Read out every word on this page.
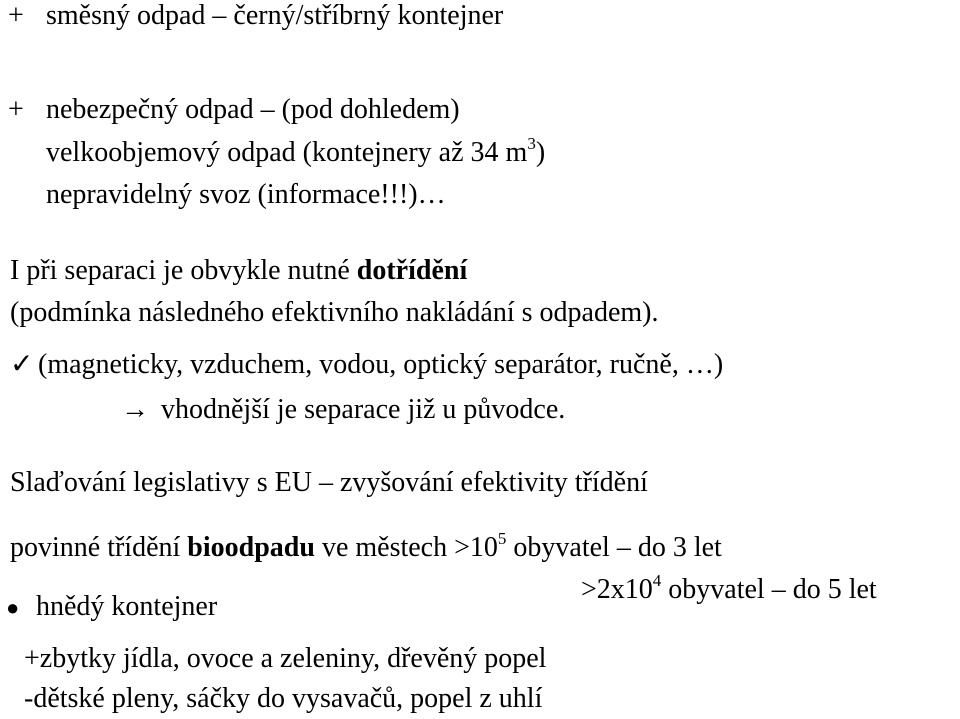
+ směsný odpad – černý/stříbrný kontejner
+ nebezpečný odpad – (pod dohledem)
velkoobjemový odpad (kontejnery až 34 $m^3$)
nepravidelný svoz (informace!!!)…
I při separaci je obvykle nutné dotřídění
(podmínka následného efektivního nakládání s odpadem).
✓ (magneticky, vzduchem, vodou, optický separátor, ručně, …)
→ vhodnější je separace již u původce.
Slaďování legislativy s EU – zvyšování efektivity třídění
povinné třídění bioodpadu ve městech $>10^5$ obyvatel – do 3 let
$>2x10^4$ obyvatel – do 5 let
● hnědý kontejner
+zbytky jídla, ovoce a zeleniny, dřevěný popel
-dětské pleny, sáčky do vysavačů, popel z uhlí
